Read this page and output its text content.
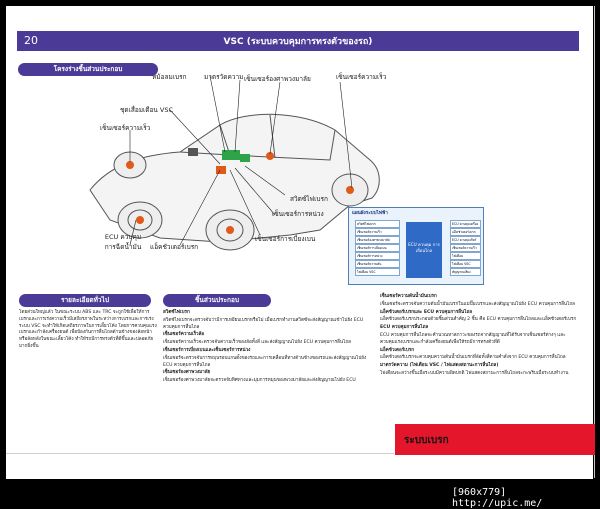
20	VSC (ระบบควบคุมการทรงตัวของรถ)
โครงร่างชิ้นส่วนประกอบ
หม้อลมเบรก	มาตรวัดความ เซ็นเซอร์องศาพวงมาลัย	เซ็นเซอร์ความเร็ว
ชุดเสื่อมเตือน VSC
เซ็นเซอร์ความเร็ว
สวิตซ์ไฟเบรก
เซ็นเซอร์การหน่วง
เซ็นเซอร์การเบี่ยงเบน
ECU ควบคุม การฉีดน้ำมัน	แอ็คชัวเตอร์เบรก
แผนผังระบบไฟฟ้า
สวิตซ์ไฟเบรก
เซ็นเซอร์ความเร็ว
เซ็นเซอร์องศาพวงมาลัย
เซ็นเซอร์การเบี่ยงเบน
เซ็นเซอร์การหน่วง
เซ็นเซอร์ความดัน
ไฟเตือน VSC
ECU ควบคุม การเลื่อนไถล
ECU ควบคุมเครื่อง
แอ็คชัวเตอร์เบรก
ECU ควบคุมเกียร์
เซ็นเซอร์ความเร็ว
ไฟเตือน
ไฟเตือน VSC
สัญญาณเสียง
รายละเอียดทั่วไป
โดยส่วนใหญ่แล้ว ในขณะระบบ ABS และ TRC จะถูกใช้เพื่อให้การเบรกและการเร่งความเร็วมีเสถียรภาพในระหว่างการเบรกและการเร่ง ระบบ VSC จะทำให้เกิดเสถียรภาพในการเลี้ยวโค้ง โดยการควบคุมแรงเบรกและกำลังเครื่องยนต์ เพื่อป้องกันการลื่นไถลด้านข้างของล้อหน้าหรือล้อหลังในขณะเลี้ยวโค้ง ทำให้รถมีการทรงตัวที่ดีขึ้นและปลอดภัยมากยิ่งขึ้น
ชิ้นส่วนประกอบ

สวิตซ์ไฟเบรก

สวิตซ์ไฟเบรกจะตรวจจับว่ามีการเหยียบเบรกหรือไม่ เมื่อเบรกทำงานสวิตซ์จะส่งสัญญาณเข้าไปยัง ECU ควบคุมการลื่นไถล

เซ็นเซอร์ความเร็วล้อ

เซ็นเซอร์ความเร็วจะตรวจจับความเร็วของล้อทั้งสี่ และส่งสัญญาณไปยัง ECU ควบคุมการลื่นไถล

เซ็นเซอร์การเบี่ยงเบนและเซ็นเซอร์การหน่วง

เซ็นเซอร์จะตรวจจับการหมุนรอบแกนตั้งของรถและการเคลื่อนที่ทางด้านข้างของรถและส่งสัญญาณไปยัง ECU ควบคุมการลื่นไถล

เซ็นเซอร์องศาพวงมาลัย

เซ็นเซอร์องศาพวงมาลัยจะตรวจจับทิศทางและมุมการหมุนของพวงมาลัยและส่งสัญญาณไปยัง ECU

เซ็นเซอร์ความดันน้ำมันเบรก

เซ็นเซอร์จะตรวจจับความดันน้ำมันเบรกในแม่ปั๊มเบรกและส่งสัญญาณไปยัง ECU ควบคุมการลื่นไถล

แอ็คชัวเตอร์เบรกและ ECU ควบคุมการลื่นไถล

แอ็คชัวเตอร์เบรกประกอบด้วยชิ้นส่วนสำคัญ 2 ชิ้น คือ ECU ควบคุมการลื่นไถลและแอ็คชัวเตอร์เบรก

ECU ควบคุมการลื่นไถล

ECU ควบคุมการลื่นไถลจะคำนวณหาสภาวะของรถจากสัญญาณที่ได้รับจากเซ็นเซอร์ต่างๆ และควบคุมแรงเบรกและกำลังเครื่องยนต์เพื่อให้รถมีการทรงตัวที่ดี

แอ็คชัวเตอร์เบรก

แอ็คชัวเตอร์เบรกจะควบคุมความดันน้ำมันเบรกที่ล้อทั้งสี่ตามคำสั่งจาก ECU ควบคุมการลื่นไถล

มาตรวัดความ (ไฟเตือน VSC / ไฟแสดงสถานะการลื่นไถล)

ไฟเตือนจะสว่างขึ้นเมื่อระบบมีความผิดปกติ ไฟแสดงสถานะการลื่นไถลจะกะพริบเมื่อระบบทำงาน

ระบบเบรก
[960x779] http://upic.me/
